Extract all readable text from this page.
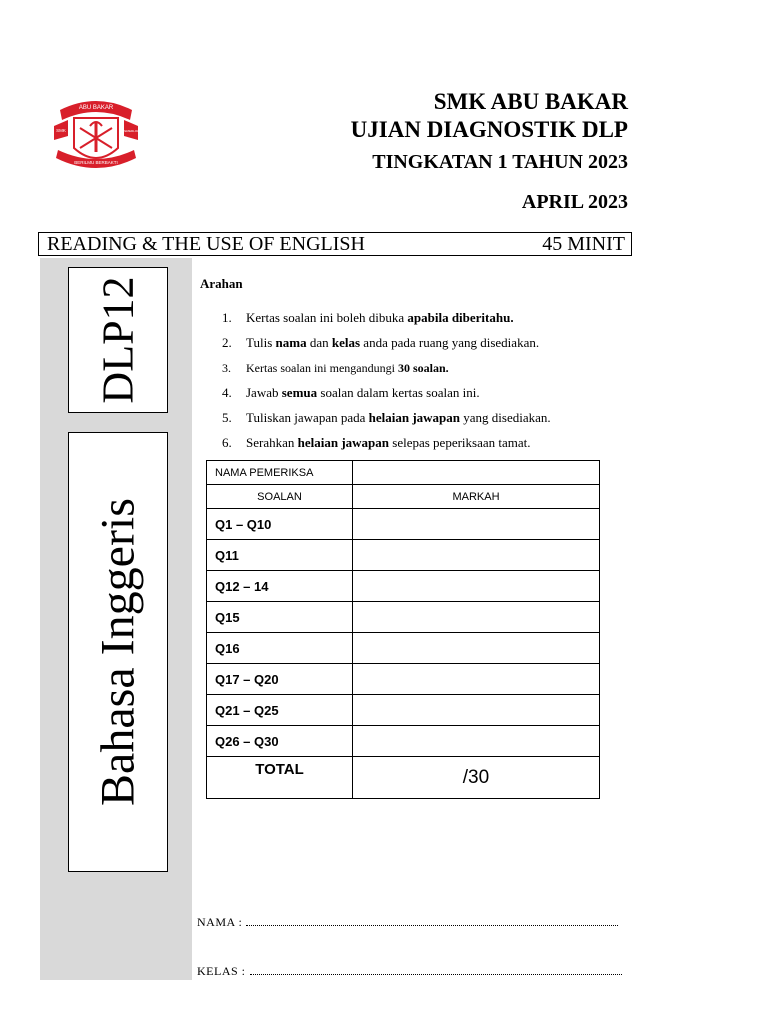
ABU BAKAR
SMK	TEMERLOH
BERILMU BERBAKTI
SMK ABU BAKAR
UJIAN DIAGNOSTIK DLP
TINGKATAN 1 TAHUN 2023
APRIL 2023
READING & THE USE OF ENGLISH	45 MINIT
DLP12
Bahasa Inggeris
Arahan
1. Kertas soalan ini boleh dibuka apabila diberitahu.
2. Tulis nama dan kelas anda pada ruang yang disediakan.
3. Kertas soalan ini mengandungi 30 soalan.
4. Jawab semua soalan dalam kertas soalan ini.
5. Tuliskan jawapan pada helaian jawapan yang disediakan.
6. Serahkan helaian jawapan selepas peperiksaan tamat.
NAMA PEMERIKSA	
SOALAN	MARKAH
Q1 – Q10	
Q11	
Q12 – 14	
Q15	
Q16	
Q17 – Q20	
Q21 – Q25	
Q26 – Q30	
TOTAL	/30
NAMA :
KELAS :
